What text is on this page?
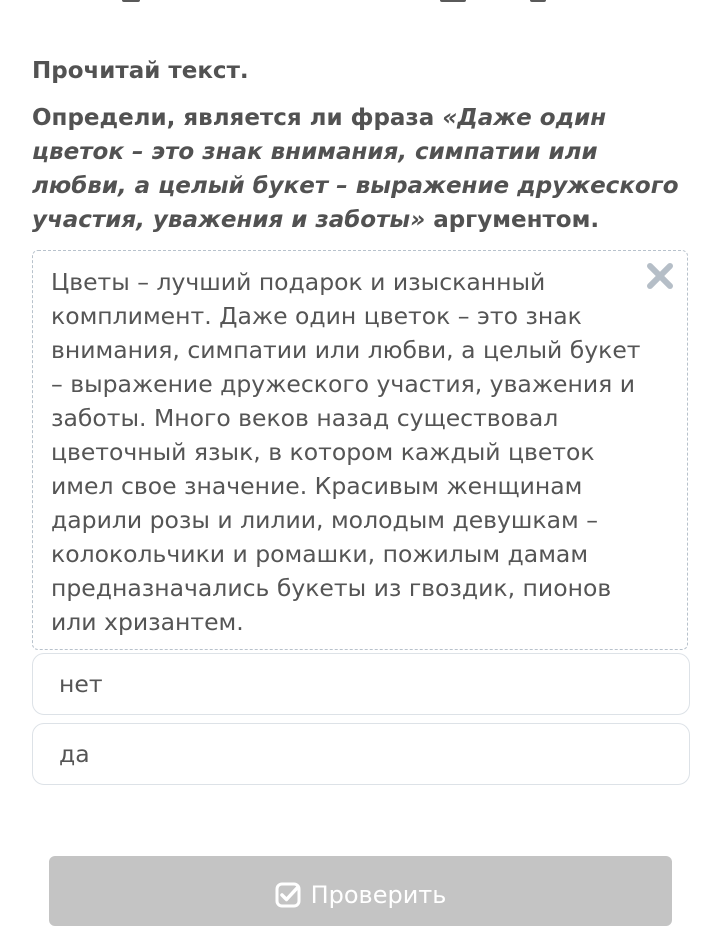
Прочитай текст.
Определи, является ли фраза «Даже один цветок – это знак внимания, симпатии или любви, а целый букет – выражение дружеского участия, уважения и заботы» аргументом.
Цветы – лучший подарок и изысканный комплимент. Даже один цветок – это знак внимания, симпатии или любви, а целый букет – выражение дружеского участия, уважения и заботы. Много веков назад существовал цветочный язык, в котором каждый цветок имел свое значение. Красивым женщинам дарили розы и лилии, молодым девушкам – колокольчики и ромашки, пожилым дамам предназначались букеты из гвоздик, пионов или хризантем.
нет
да
Проверить
